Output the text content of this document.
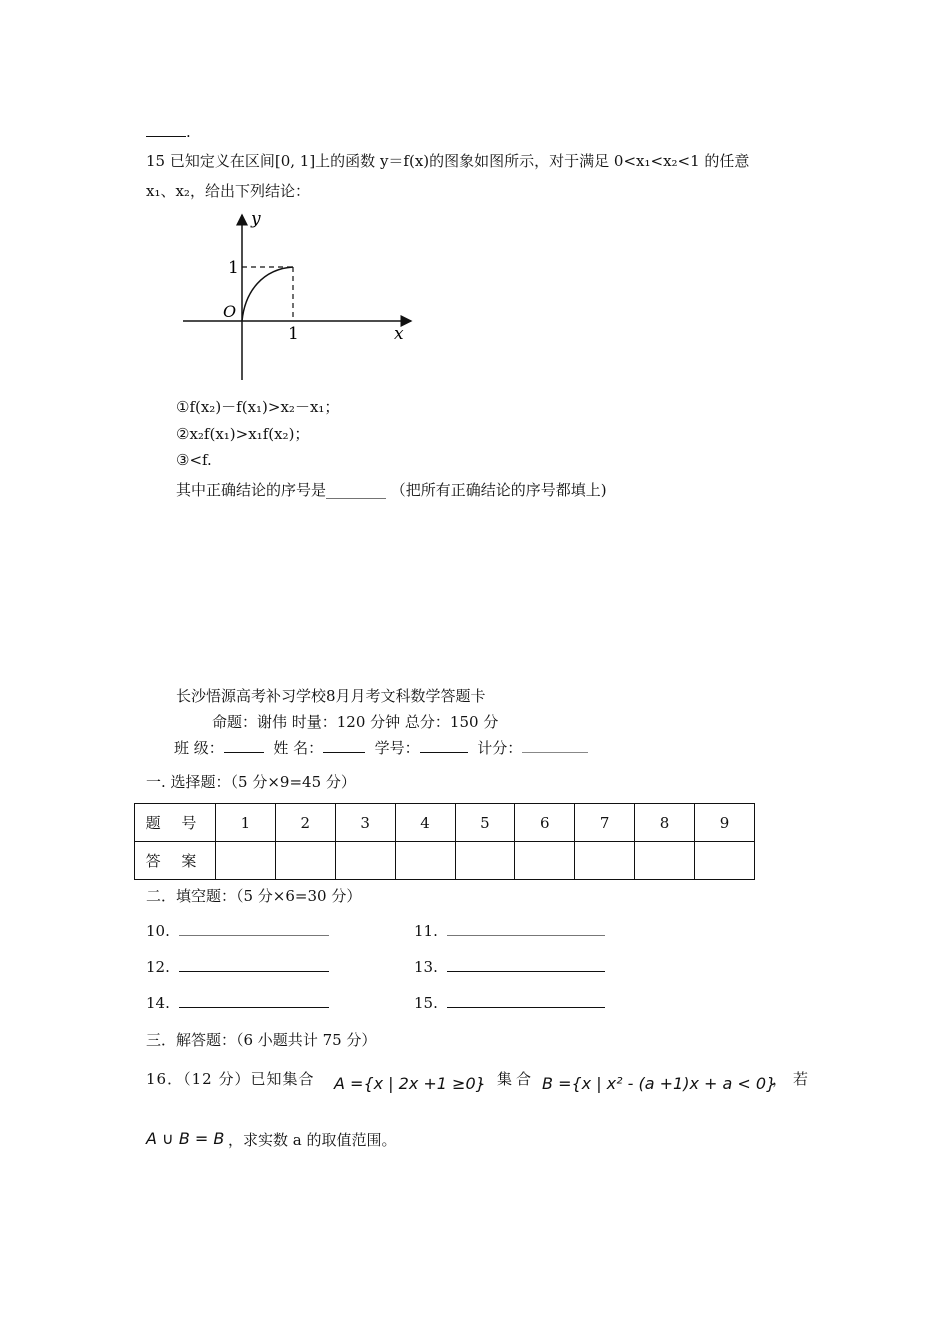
.
15 已知定义在区间[0, 1]上的函数 y＝f(x)的图象如图所示，对于满足 0<x₁<x₂<1 的任意
x₁、x₂，给出下列结论：
y
x
O
1
1
①f(x₂)－f(x₁)>x₂－x₁；
②x₂f(x₁)>x₁f(x₂)；
③<f.
其中正确结论的序号是________ （把所有正确结论的序号都填上)
长沙悟源高考补习学校8月月考文科数学答题卡
命题：谢伟 时量：120 分钟 总分：150 分
班 级：	姓 名：	学号：	计分：
一. 选择题：（5 分×9=45 分）
题 号	1	2	3	4	5	6	7	8	9
答 案									
二．填空题：（5 分×6=30 分）
10.	11.
12.	13.
14.	15.
三．解答题：（6 小题共计 75 分）
16．（12 分）已知集合 A ={x | 2x +1 ≥0}
，集合 B ={x | x² - (a +1)x + a < 0}
，若
A ∪ B = B ，求实数 a 的取值范围。
